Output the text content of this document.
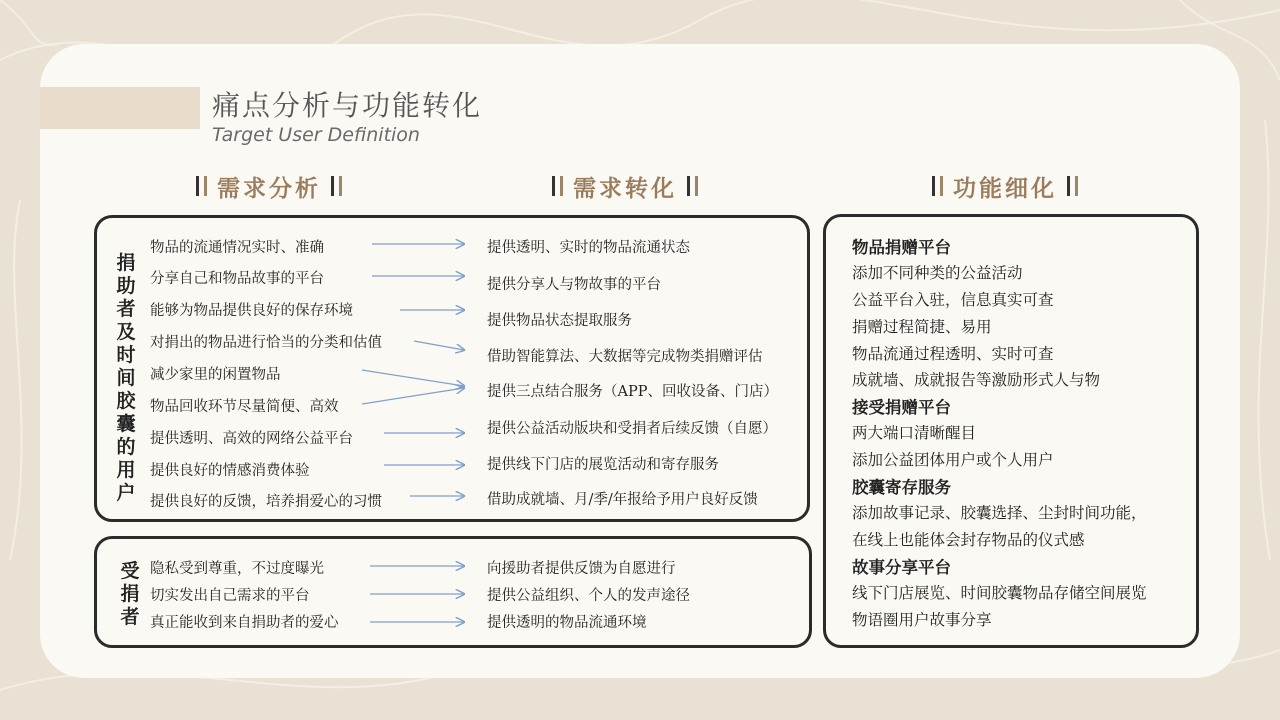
痛点分析与功能转化
Target User Definition
需求分析	需求转化	功能细化
捐助者及时间胶囊的用户
物品的流通情况实时、准确
分享自己和物品故事的平台
能够为物品提供良好的保存环境
对捐出的物品进行恰当的分类和估值
减少家里的闲置物品
物品回收环节尽量简便、高效
提供透明、高效的网络公益平台
提供良好的情感消费体验
提供良好的反馈，培养捐爱心的习惯
提供透明、实时的物品流通状态
提供分享人与物故事的平台
提供物品状态提取服务
借助智能算法、大数据等完成物类捐赠评估
提供三点结合服务（APP、回收设备、门店）
提供公益活动版块和受捐者后续反馈（自愿）
提供线下门店的展览活动和寄存服务
借助成就墙、月/季/年报给予用户良好反馈
受捐者
隐私受到尊重，不过度曝光
切实发出自己需求的平台
真正能收到来自捐助者的爱心
向援助者提供反馈为自愿进行
提供公益组织、个人的发声途径
提供透明的物品流通环境
物品捐赠平台
添加不同种类的公益活动
公益平台入驻，信息真实可查
捐赠过程简捷、易用
物品流通过程透明、实时可查
成就墙、成就报告等激励形式人与物
接受捐赠平台
两大端口清晰醒目
添加公益团体用户或个人用户
胶囊寄存服务
添加故事记录、胶囊选择、尘封时间功能，
在线上也能体会封存物品的仪式感
故事分享平台
线下门店展览、时间胶囊物品存储空间展览
物语圈用户故事分享
